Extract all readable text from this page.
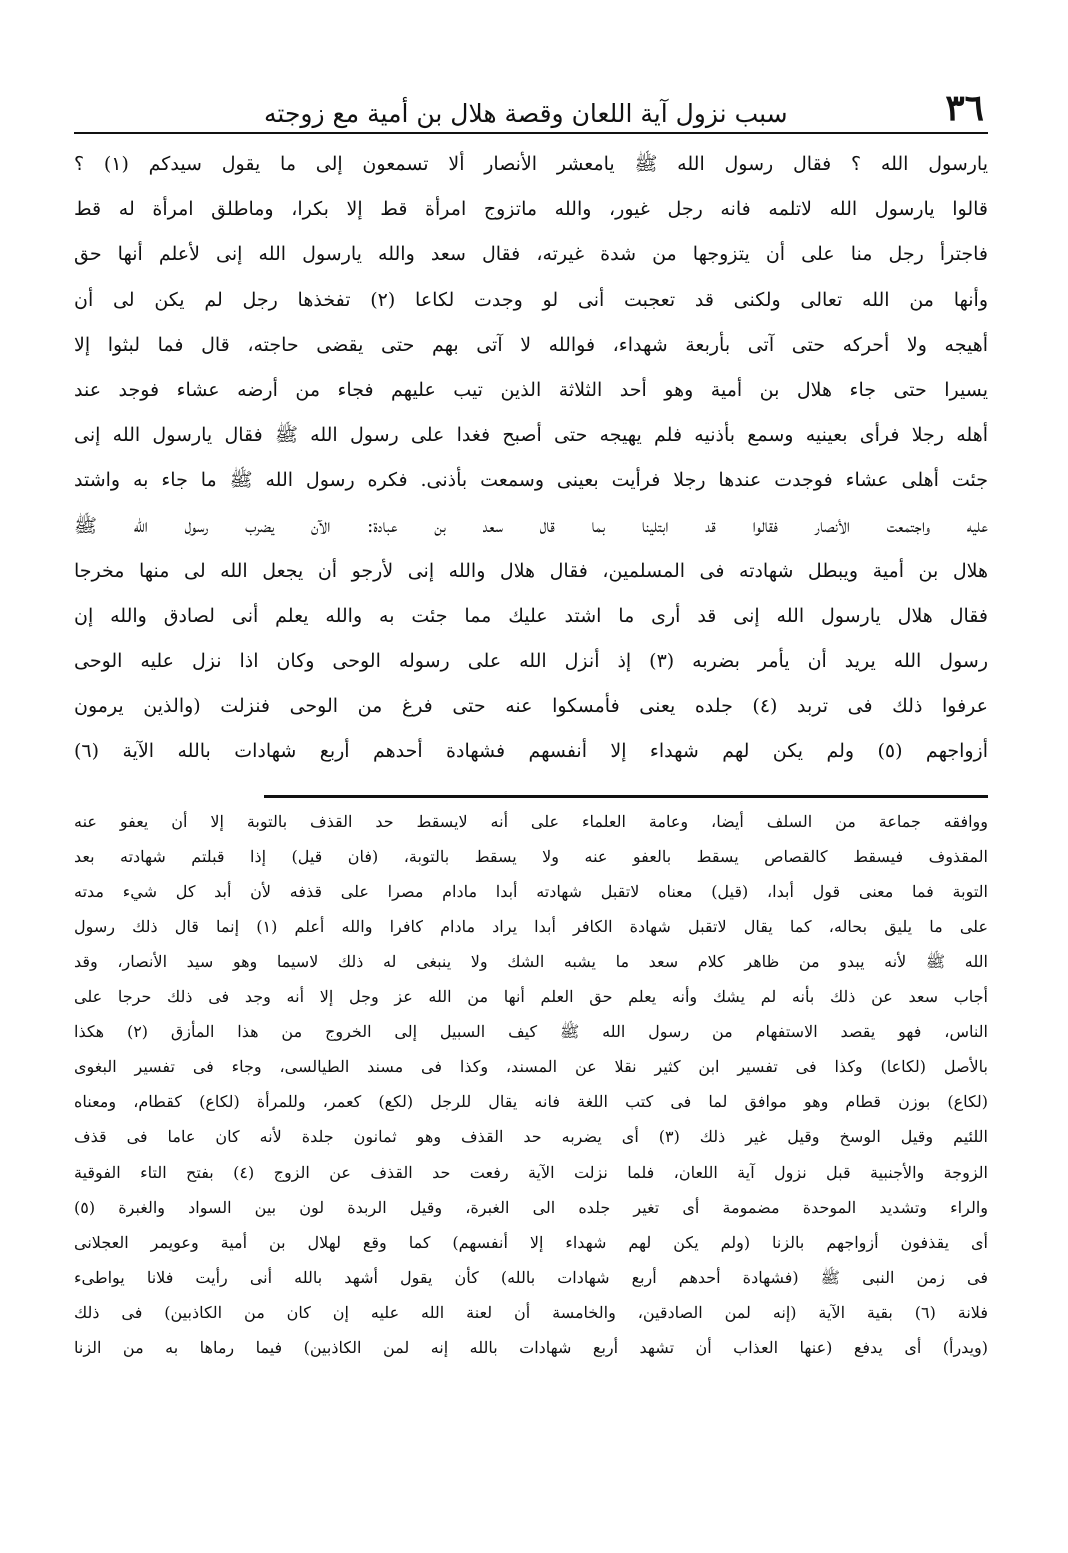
٣٦
سبب نزول آية اللعان وقصة هلال بن أمية مع زوجته
يارسول الله ؟ فقال رسول الله ﷺ يامعشر الأنصار ألا تسمعون إلى ما يقول سيدكم (١) ؟
قالوا يارسول الله لاتلمه فانه رجل غيور، والله ماتزوج امرأة قط إلا بكرا، وماطلق امرأة له قط
فاجترأ رجل منا على أن يتزوجها من شدة غيرته، فقال سعد والله يارسول الله إنى لأعلم أنها حق
وأنها من الله تعالى ولكنى قد تعجبت أنى لو وجدت لكاعا (٢) تفخذها رجل لم يكن لى أن
أهيجه ولا أحركه حتى آتى بأربعة شهداء، فوالله لا آتى بهم حتى يقضى حاجته، قال فما لبثوا إلا
يسيرا حتى جاء هلال بن أمية وهو أحد الثلاثة الذين تيب عليهم فجاء من أرضه عشاء فوجد عند
أهله رجلا فرأى بعينيه وسمع بأذنيه فلم يهيجه حتى أصبح فغدا على رسول الله ﷺ فقال يارسول الله إنى
جئت أهلى عشاء فوجدت عندها رجلا فرأيت بعينى وسمعت بأذنى. فكره رسول الله ﷺ ما جاء به واشتد
عليه واجتمعت الأنصار فقالوا قد ابتلينا بما قال سعد بن عبادة: الآن يضرب رسول الله ﷺ
هلال بن أمية ويبطل شهادته فى المسلمين، فقال هلال والله إنى لأرجو أن يجعل الله لى منها مخرجا
فقال هلال يارسول الله إنى قد أرى ما اشتد عليك مما جئت به والله يعلم أنى لصادق والله إن
رسول الله يريد أن يأمر بضربه (٣) إذ أنزل الله على رسوله الوحى وكان اذا نزل عليه الوحى
عرفوا ذلك فى تربد (٤) جلده يعنى فأمسكوا عنه حتى فرغ من الوحى فنزلت (والذين يرمون
أزواجهم (٥) ولم يكن لهم شهداء إلا أنفسهم فشهادة أحدهم أربع شهادات بالله الآية (٦)
ووافقه جماعة من السلف أيضا، وعامة العلماء على أنه لايسقط حد القذف بالتوبة إلا أن يعفو عنه
المقذوف فيسقط كالقصاص يسقط بالعفو عنه ولا يسقط بالتوبة، (فان قيل) إذا قبلتم شهادته بعد
التوبة فما معنى قول أبدا، (قيل) معناه لاتقبل شهادته أبدا مادام مصرا على قذفه لأن أبد كل شيء مدته
على ما يليق بحاله، كما يقال لاتقبل شهادة الكافر أبدا يراد مادام كافرا والله أعلم (١) إنما قال ذلك رسول
الله ﷺ لأنه يبدو من ظاهر كلام سعد ما يشبه الشك ولا ينبغى له ذلك لاسيما وهو سيد الأنصار، وقد
أجاب سعد عن ذلك بأنه لم يشك وأنه يعلم حق العلم أنها من الله عز وجل إلا أنه وجد فى ذلك حرجا على
الناس، فهو يقصد الاستفهام من رسول الله ﷺ كيف السبيل إلى الخروج من هذا المأزق (٢) هكذا
بالأصل (لكاعا) وكذا فى تفسير ابن كثير نقلا عن المسند، وكذا فى مسند الطيالسى، وجاء فى تفسير البغوى
(لكاع) بوزن قطام وهو موافق لما فى كتب اللغة فانه يقال للرجل (لكع) كعمر، وللمرأة (لكاع) كقطام، ومعناه
اللئيم وقيل الوسخ وقيل غير ذلك (٣) أى يضربه حد القذف وهو ثمانون جلدة لأنه كان عاما فى قذف
الزوجة والأجنبية قبل نزول آية اللعان، فلما نزلت الآية رفعت حد القذف عن الزوج (٤) بفتح التاء الفوقية
والراء وتشديد الموحدة مضمومة أى تغير جلده الى الغبرة، وقيل الربدة لون بين السواد والغبرة (٥)
أى يقذفون أزواجهم بالزنا (ولم يكن لهم شهداء إلا أنفسهم) كما وقع لهلال بن أمية وعويمر العجلانى
فى زمن النبى ﷺ (فشهادة أحدهم أربع شهادات بالله) كأن يقول أشهد بالله أنى رأيت فلانا يواطىء
فلانة (٦) بقية الآية (إنه لمن الصادقين، والخامسة أن لعنة الله عليه إن كان من الكاذبين) فى ذلك
(ويدرأ) أى يدفع (عنها العذاب أن تشهد أربع شهادات بالله إنه لمن الكاذبين) فيما رماها به من الزنا
